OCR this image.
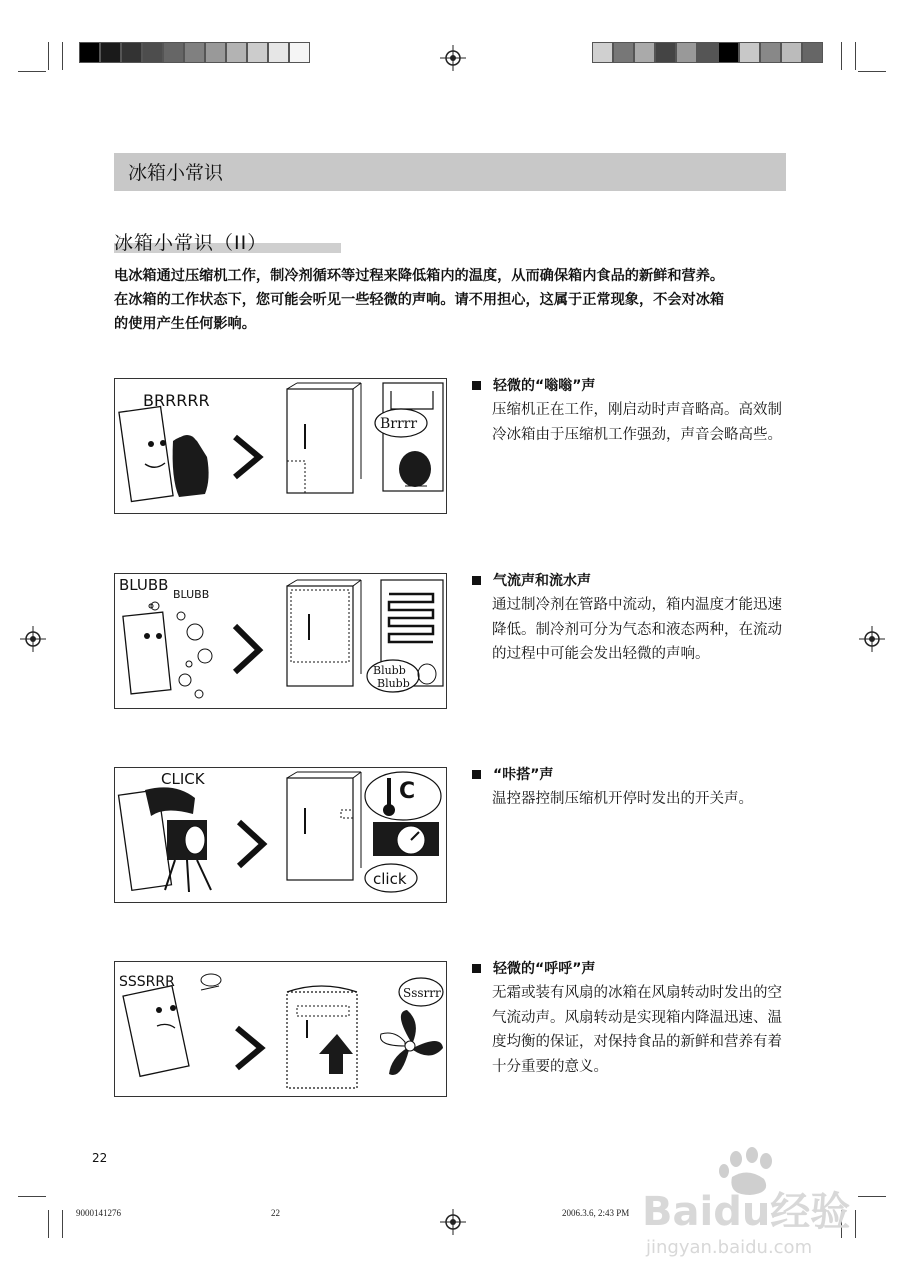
冰箱小常识
冰箱小常识（II）

电冰箱通过压缩机工作，制冷剂循环等过程来降低箱内的温度，从而确保箱内食品的新鲜和营养。

在冰箱的工作状态下，您可能会听见一些轻微的声响。请不用担心，这属于正常现象，不会对冰箱

的使用产生任何影响。

BRRRRR
Brrrr
轻微的“嗡嗡”声
压缩机正在工作，刚启动时声音略高。高效制冷冰箱由于压缩机工作强劲，声音会略高些。
BLUBB
BLUBB
Blubb
Blubb
气流声和流水声
通过制冷剂在管路中流动，箱内温度才能迅速降低。制冷剂可分为气态和液态两种，在流动的过程中可能会发出轻微的声响。
CLICK	C
click
“咔搭”声
温控器控制压缩机开停时发出的开关声。
SSSRRR
Sssrrr
轻微的“呼呼”声
无霜或装有风扇的冰箱在风扇转动时发出的空气流动声。风扇转动是实现箱内降温迅速、温度均衡的保证，对保持食品的新鲜和营养有着十分重要的意义。
22
9000141276	22	2006.3.6, 2:43 PM Baidu经验
jingyan.baidu.com
